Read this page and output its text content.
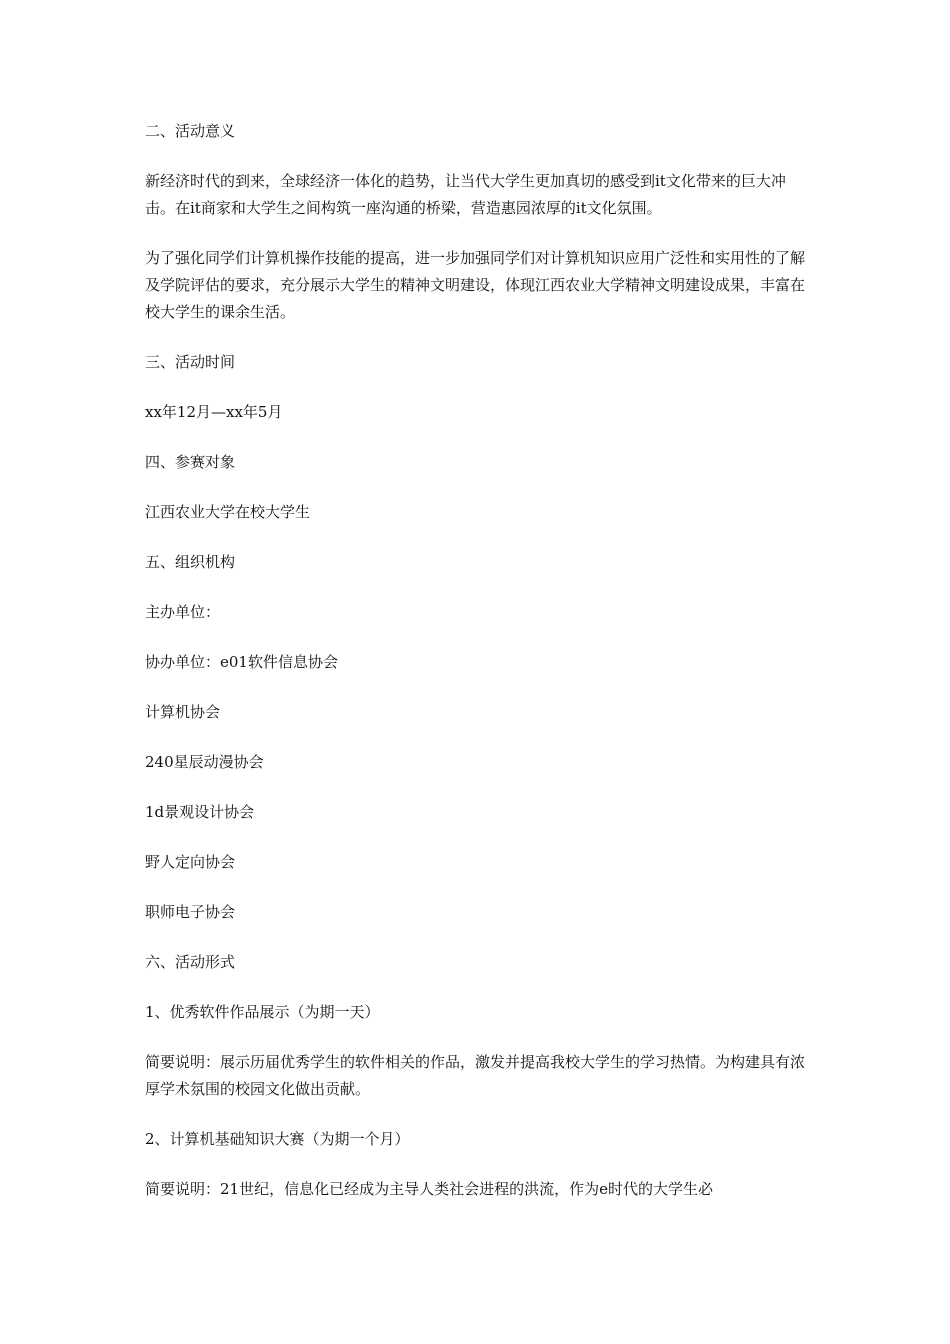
二、活动意义

新经济时代的到来，全球经济一体化的趋势，让当代大学生更加真切的感受到it文化带来的巨大冲击。在it商家和大学生之间构筑一座沟通的桥梁，营造惠园浓厚的it文化氛围。

为了强化同学们计算机操作技能的提高，进一步加强同学们对计算机知识应用广泛性和实用性的了解及学院评估的要求，充分展示大学生的精神文明建设，体现江西农业大学精神文明建设成果，丰富在校大学生的课余生活。

三、活动时间

xx年12月—xx年5月

四、参赛对象

江西农业大学在校大学生

五、组织机构

主办单位：

协办单位：e01软件信息协会

计算机协会

240星辰动漫协会

1d景观设计协会

野人定向协会

职师电子协会

六、活动形式

1、优秀软件作品展示（为期一天）

简要说明：展示历届优秀学生的软件相关的作品，激发并提高我校大学生的学习热情。为构建具有浓厚学术氛围的校园文化做出贡献。

2、计算机基础知识大赛（为期一个月）

简要说明：21世纪，信息化已经成为主导人类社会进程的洪流，作为e时代的大学生必
